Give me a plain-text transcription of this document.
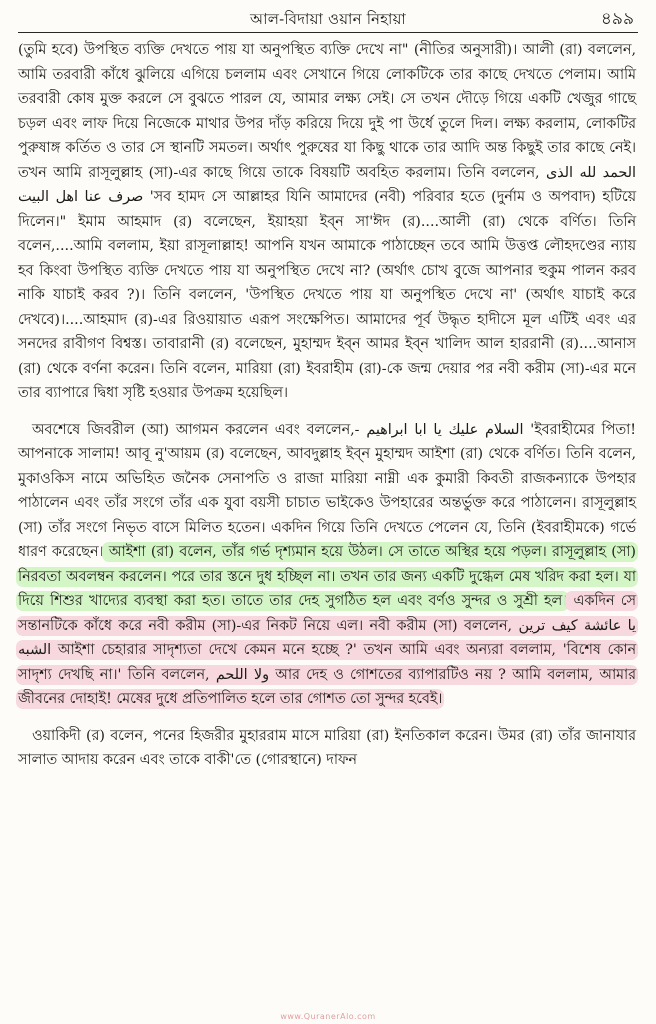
আল-বিদায়া ওয়ান নিহায়া	৪৯৯

(তুমি হবে) উপস্থিত ব্যক্তি দেখতে পায় যা অনুপস্থিত ব্যক্তি দেখে না" (নীতির অনুসারী)। আলী (রা) বললেন, আমি তরবারী কাঁধে ঝুলিয়ে এগিয়ে চললাম এবং সেখানে গিয়ে লোকটিকে তার কাছে দেখতে পেলাম। আমি তরবারী কোষ মুক্ত করলে সে বুঝতে পারল যে, আমার লক্ষ্য সেই। সে তখন দৌড়ে গিয়ে একটি খেজুর গাছে চড়ল এবং লাফ দিয়ে নিজেকে মাথার উপর দাঁড় করিয়ে দিয়ে দুই পা উর্ধে তুলে দিল। লক্ষ্য করলাম, লোকটির পুরুষাঙ্গ কর্তিত ও তার সে স্থানটি সমতল। অর্থাৎ পুরুষের যা কিছু থাকে তার আদি অন্ত কিছুই তার কাছে নেই। তখন আমি রাসূলুল্লাহ (সা)-এর কাছে গিয়ে তাকে বিষয়টি অবহিত করলাম। তিনি বললেন, الحمد لله الذى صرف عنا اهل البيت 'সব হামদ সে আল্লাহর যিনি আমাদের (নবী) পরিবার হতে (দুর্নাম ও অপবাদ) হটিয়ে দিলেন।" ইমাম আহমাদ (র) বলেছেন, ইয়াহয়া ইব্‌ন সা'ঈদ (র)....আলী (রা) থেকে বর্ণিত। তিনি বলেন,....আমি বললাম, ইয়া রাসূলাল্লাহ! আপনি যখন আমাকে পাঠাচ্ছেন তবে আমি উত্তপ্ত লৌহদণ্ডের ন্যায় হব কিংবা উপস্থিত ব্যক্তি দেখতে পায় যা অনুপস্থিত দেখে না? (অর্থাৎ চোখ বুজে আপনার হুকুম পালন করব নাকি যাচাই করব ?)। তিনি বললেন, 'উপস্থিত দেখতে পায় যা অনুপস্থিত দেখে না' (অর্থাৎ যাচাই করে দেখবে)।....আহমাদ (র)-এর রিওয়ায়াত এরূপ সংক্ষেপিত। আমাদের পূর্ব উদ্ধৃত হাদীসে মূল এটিই এবং এর সনদের রাবীগণ বিশ্বস্ত। তাবারানী (র) বলেছেন, মুহাম্মদ ইব্‌ন আমর ইব্‌ন খালিদ আল হাররানী (র)....আনাস (রা) থেকে বর্ণনা করেন। তিনি বলেন, মারিয়া (রা) ইবরাহীম (রা)-কে জন্ম দেয়ার পর নবী করীম (সা)-এর মনে তার ব্যাপারে দ্বিধা সৃষ্টি হওয়ার উপক্রম হয়েছিল।

অবশেষে জিবরীল (আ) আগমন করলেন এবং বললেন,- السلام عليك يا ابا ابراهيم 'ইবরাহীমের পিতা! আপনাকে সালাম! আবূ নু'আয়ম (র) বলেছেন, আবদুল্লাহ ইব্‌ন মুহাম্মদ আইশা (রা) থেকে বর্ণিত। তিনি বলেন, মুকাওকিস নামে অভিহিত জনৈক সেনাপতি ও রাজা মারিয়া নাম্নী এক কুমারী কিবতী রাজকন্যাকে উপহার পাঠালেন এবং তাঁর সংগে তাঁর এক যুবা বয়সী চাচাত ভাইকেও উপহারের অন্তর্ভুক্ত করে পাঠালেন। রাসূলুল্লাহ (সা) তাঁর সংগে নিভৃত বাসে মিলিত হতেন। একদিন গিয়ে তিনি দেখতে পেলেন যে, তিনি (ইবরাহীমকে) গর্ভে ধারণ করেছেন। আইশা (রা) বলেন, তাঁর গর্ভ দৃশ্যমান হয়ে উঠল। সে তাতে অস্থির হয়ে পড়ল। রাসূলুল্লাহ (সা) নিরবতা অবলম্বন করলেন। পরে তার স্তনে দুধ হচ্ছিল না। তখন তার জন্য একটি দুগ্ধেল মেষ খরিদ করা হল। যা দিয়ে শিশুর খাদ্যের ব্যবস্থা করা হত। তাতে তার দেহ সুগঠিত হল এবং বর্ণও সুন্দর ও সুশ্রী হল। একদিন সে সন্তানটিকে কাঁধে করে নবী করীম (সা)-এর নিকট নিয়ে এল। নবী করীম (সা) বললেন, يا عائشة كيف ترين الشبه আইশা চেহারার সাদৃশ্যতা দেখে কেমন মনে হচ্ছে ?' তখন আমি এবং অন্যরা বললাম, 'বিশেষ কোন সাদৃশ্য দেখছি না।' তিনি বললেন, ولا اللحم আর দেহ ও গোশতের ব্যাপারটিও নয় ? আমি বললাম, আমার জীবনের দোহাই! মেষের দুধে প্রতিপালিত হলে তার গোশত তো সুন্দর হবেই।

ওয়াকিদী (র) বলেন, পনের হিজরীর মুহাররাম মাসে মারিয়া (রা) ইনতিকাল করেন। উমর (রা) তাঁর জানাযার সালাত আদায় করেন এবং তাকে বাকী'তে (গোরস্থানে) দাফন

www.QuranerAlo.com
